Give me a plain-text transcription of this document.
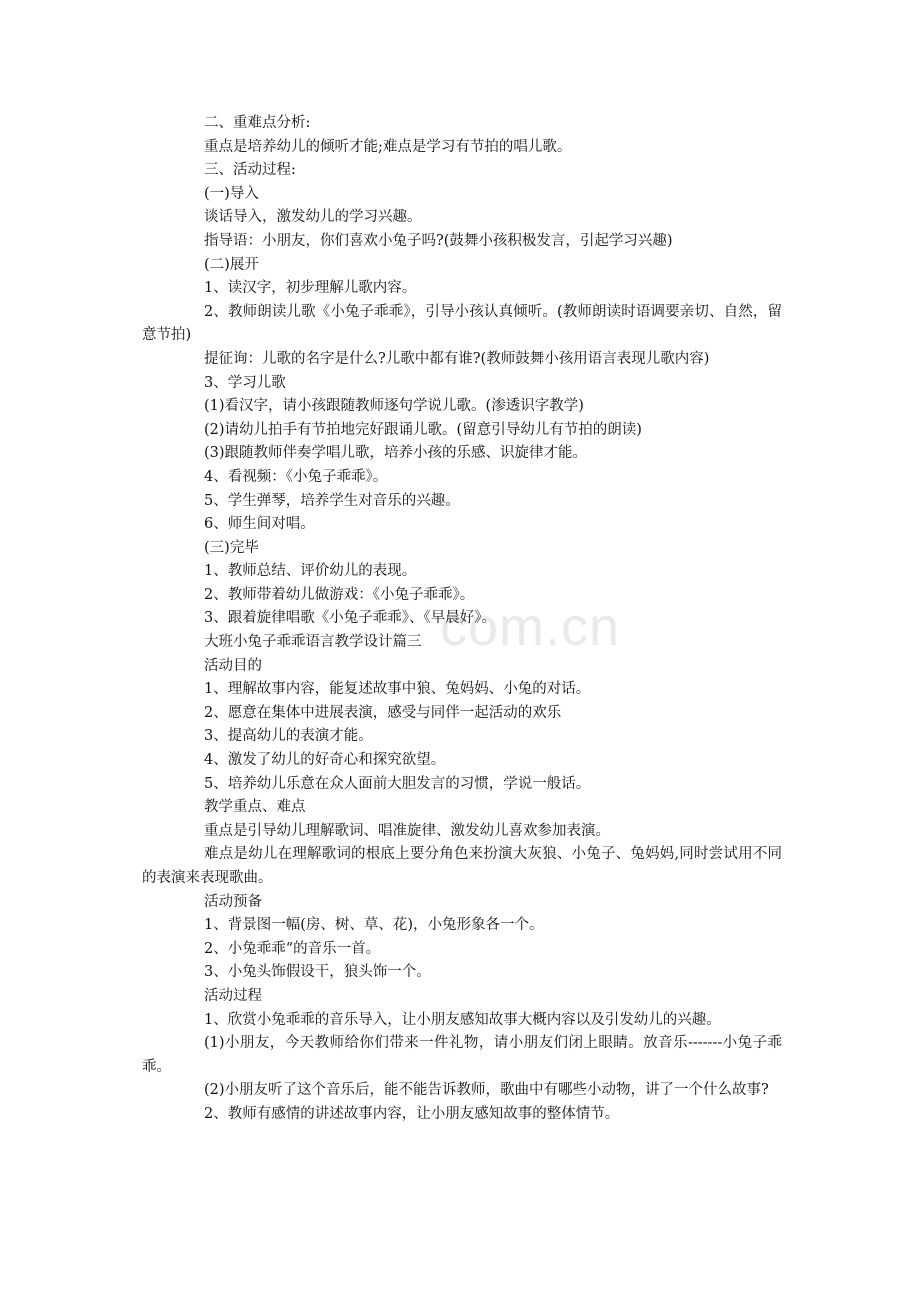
com.cn

二、重难点分析:

重点是培养幼儿的倾听才能;难点是学习有节拍的唱儿歌。

三、活动过程:

(一)导入

谈话导入，激发幼儿的学习兴趣。

指导语：小朋友，你们喜欢小兔子吗?(鼓舞小孩积极发言，引起学习兴趣)

(二)展开

1、读汉字，初步理解儿歌内容。

2、教师朗读儿歌《小兔子乖乖》，引导小孩认真倾听。(教师朗读时语调要亲切、自然，留意节拍)

提征询：儿歌的名字是什么?儿歌中都有谁?(教师鼓舞小孩用语言表现儿歌内容)

3、学习儿歌

(1)看汉字，请小孩跟随教师逐句学说儿歌。(渗透识字教学)

(2)请幼儿拍手有节拍地完好跟诵儿歌。(留意引导幼儿有节拍的朗读)

(3)跟随教师伴奏学唱儿歌，培养小孩的乐感、识旋律才能。

4、看视频：《小兔子乖乖》。

5、学生弹琴，培养学生对音乐的兴趣。

6、师生间对唱。

(三)完毕

1、教师总结、评价幼儿的表现。

2、教师带着幼儿做游戏：《小兔子乖乖》。

3、跟着旋律唱歌《小兔子乖乖》、《早晨好》。

大班小兔子乖乖语言教学设计篇三

活动目的

1、理解故事内容，能复述故事中狼、兔妈妈、小兔的对话。

2、愿意在集体中进展表演，感受与同伴一起活动的欢乐

3、提高幼儿的表演才能。

4、激发了幼儿的好奇心和探究欲望。

5、培养幼儿乐意在众人面前大胆发言的习惯，学说一般话。

教学重点、难点

重点是引导幼儿理解歌词、唱准旋律、激发幼儿喜欢参加表演。

难点是幼儿在理解歌词的根底上要分角色来扮演大灰狼、小兔子、兔妈妈,同时尝试用不同的表演来表现歌曲。

活动预备

1、背景图一幅(房、树、草、花)，小兔形象各一个。

2、小兔乖乖“的音乐一首。

3、小兔头饰假设干，狼头饰一个。

活动过程

1、欣赏小兔乖乖的音乐导入，让小朋友感知故事大概内容以及引发幼儿的兴趣。

(1)小朋友，今天教师给你们带来一件礼物，请小朋友们闭上眼睛。放音乐-------小兔子乖乖。

(2)小朋友听了这个音乐后，能不能告诉教师，歌曲中有哪些小动物，讲了一个什么故事?

2、教师有感情的讲述故事内容，让小朋友感知故事的整体情节。
